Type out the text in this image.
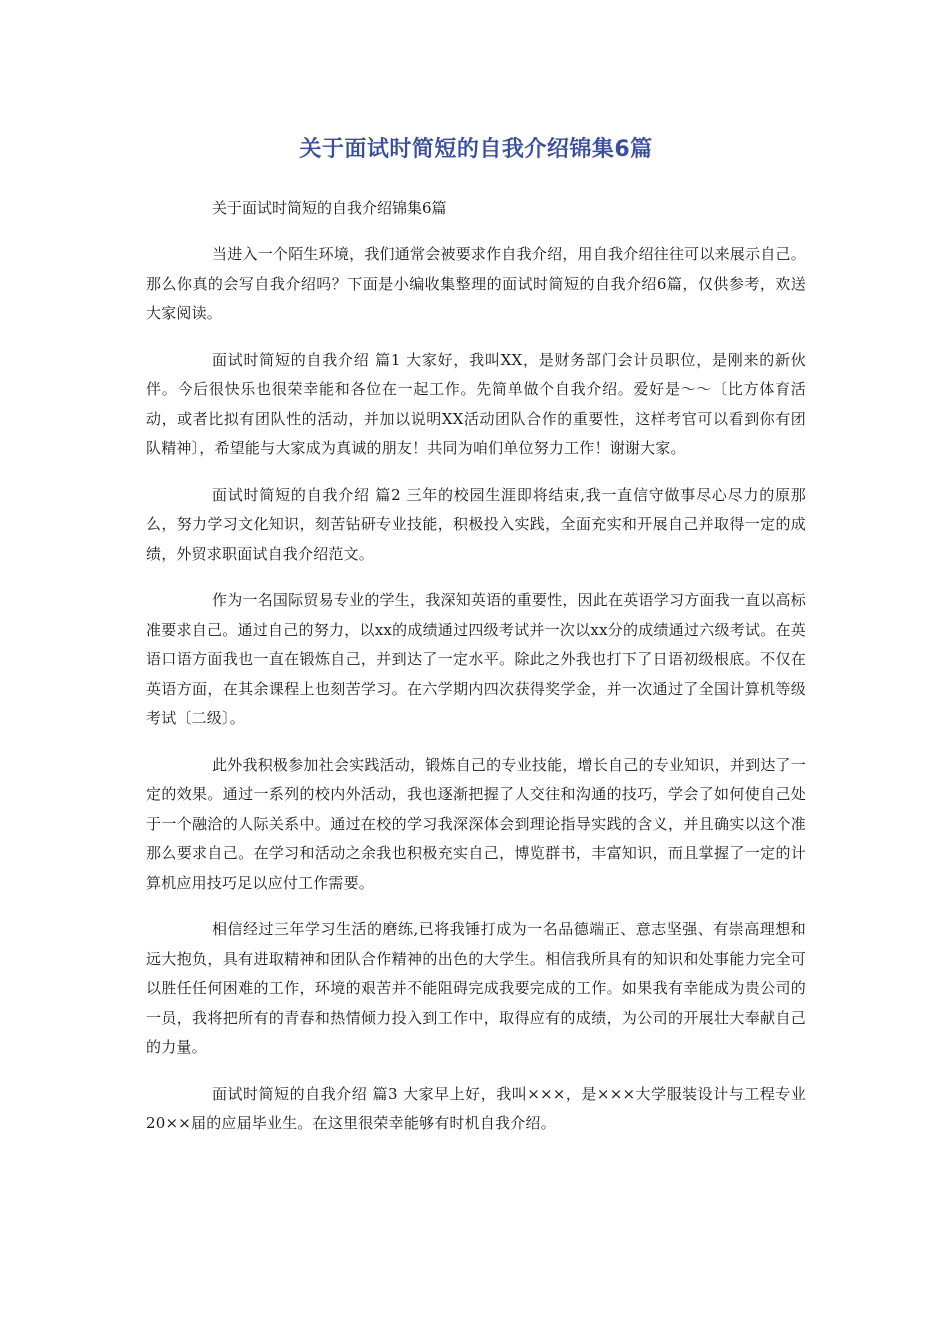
关于面试时简短的自我介绍锦集6篇

关于面试时简短的自我介绍锦集6篇

当进入一个陌生环境，我们通常会被要求作自我介绍，用自我介绍往往可以来展示自己。那么你真的会写自我介绍吗？下面是小编收集整理的面试时简短的自我介绍6篇，仅供参考，欢送大家阅读。

面试时简短的自我介绍 篇1 大家好，我叫XX，是财务部门会计员职位，是刚来的新伙伴。今后很快乐也很荣幸能和各位在一起工作。先简单做个自我介绍。爱好是～～〔比方体育活动，或者比拟有团队性的活动，并加以说明XX活动团队合作的重要性，这样考官可以看到你有团队精神〕，希望能与大家成为真诚的朋友！共同为咱们单位努力工作！谢谢大家。

面试时简短的自我介绍 篇2 三年的校园生涯即将结束,我一直信守做事尽心尽力的原那么，努力学习文化知识，刻苦钻研专业技能，积极投入实践，全面充实和开展自己并取得一定的成绩，外贸求职面试自我介绍范文。

作为一名国际贸易专业的学生，我深知英语的重要性，因此在英语学习方面我一直以高标准要求自己。通过自己的努力，以xx的成绩通过四级考试并一次以xx分的成绩通过六级考试。在英语口语方面我也一直在锻炼自己，并到达了一定水平。除此之外我也打下了日语初级根底。不仅在英语方面，在其余课程上也刻苦学习。在六学期内四次获得奖学金，并一次通过了全国计算机等级考试〔二级〕。

此外我积极参加社会实践活动，锻炼自己的专业技能，增长自己的专业知识，并到达了一定的效果。通过一系列的校内外活动，我也逐渐把握了人交往和沟通的技巧，学会了如何使自己处于一个融洽的人际关系中。通过在校的学习我深深体会到理论指导实践的含义，并且确实以这个准那么要求自己。在学习和活动之余我也积极充实自己，博览群书，丰富知识，而且掌握了一定的计算机应用技巧足以应付工作需要。

相信经过三年学习生活的磨练,已将我锤打成为一名品德端正、意志坚强、有崇高理想和远大抱负，具有进取精神和团队合作精神的出色的大学生。相信我所具有的知识和处事能力完全可以胜任任何困难的工作，环境的艰苦并不能阻碍完成我要完成的工作。如果我有幸能成为贵公司的一员，我将把所有的青春和热情倾力投入到工作中，取得应有的成绩，为公司的开展壮大奉献自己的力量。

面试时简短的自我介绍 篇3 大家早上好，我叫×××，是×××大学服装设计与工程专业20××届的应届毕业生。在这里很荣幸能够有时机自我介绍。
